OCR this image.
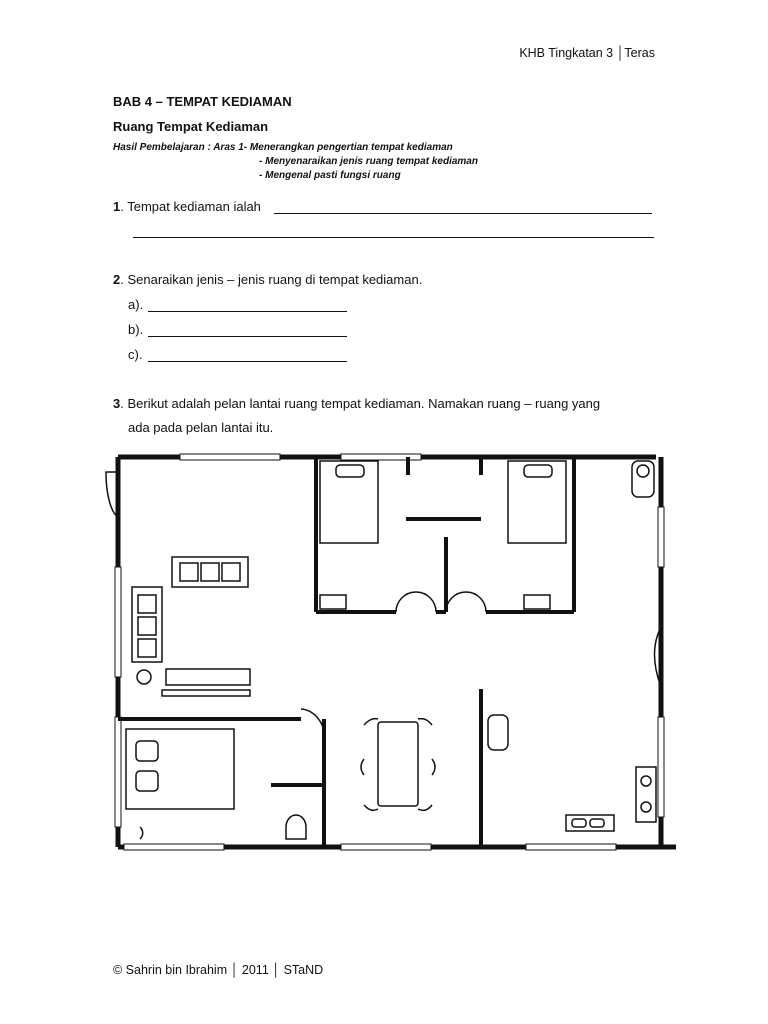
KHB Tingkatan 3 │Teras
BAB 4 – TEMPAT KEDIAMAN
Ruang Tempat Kediaman
Hasil Pembelajaran : Aras 1- Menerangkan pengertian tempat kediaman
- Menyenaraikan jenis ruang tempat kediaman
- Mengenal pasti fungsi ruang
1. Tempat kediaman ialah
2. Senaraikan jenis – jenis ruang di tempat kediaman.
a).
b).
c).
3. Berikut adalah pelan lantai ruang tempat kediaman. Namakan ruang – ruang yang
ada pada pelan lantai itu.
© Sahrin bin Ibrahim │ 2011 │ STaND
